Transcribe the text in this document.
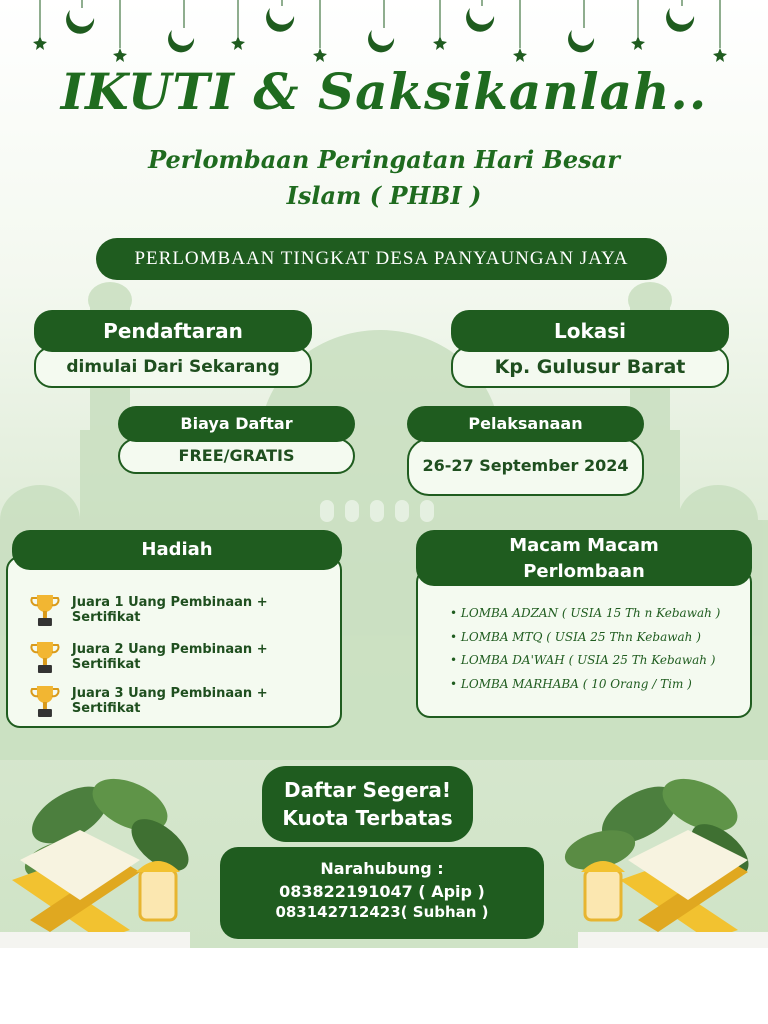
IKUTI & Saksikanlah..
Perlombaan Peringatan Hari Besar
Islam ( PHBI )
PERLOMBAAN TINGKAT DESA PANYAUNGAN JAYA
dimulai Dari Sekarang
Pendaftaran
Kp. Gulusur Barat
Lokasi
FREE/GRATIS
Biaya Daftar
26-27 September 2024
Pelaksanaan
Juara 1 Uang Pembinaan + Sertifikat
Juara 2 Uang Pembinaan + Sertifikat
Juara 3 Uang Pembinaan + Sertifikat
Hadiah	Macam Macam
Perlombaan
• LOMBA ADZAN ( USIA 15 Th n Kebawah )
• LOMBA MTQ ( USIA 25 Thn Kebawah )
• LOMBA DA'WAH ( USIA 25 Th Kebawah )
• LOMBA MARHABA ( 10 Orang / Tim )
Daftar Segera!
Kuota Terbatas
Narahubung :
083822191047 ( Apip )
083142712423( Subhan )
